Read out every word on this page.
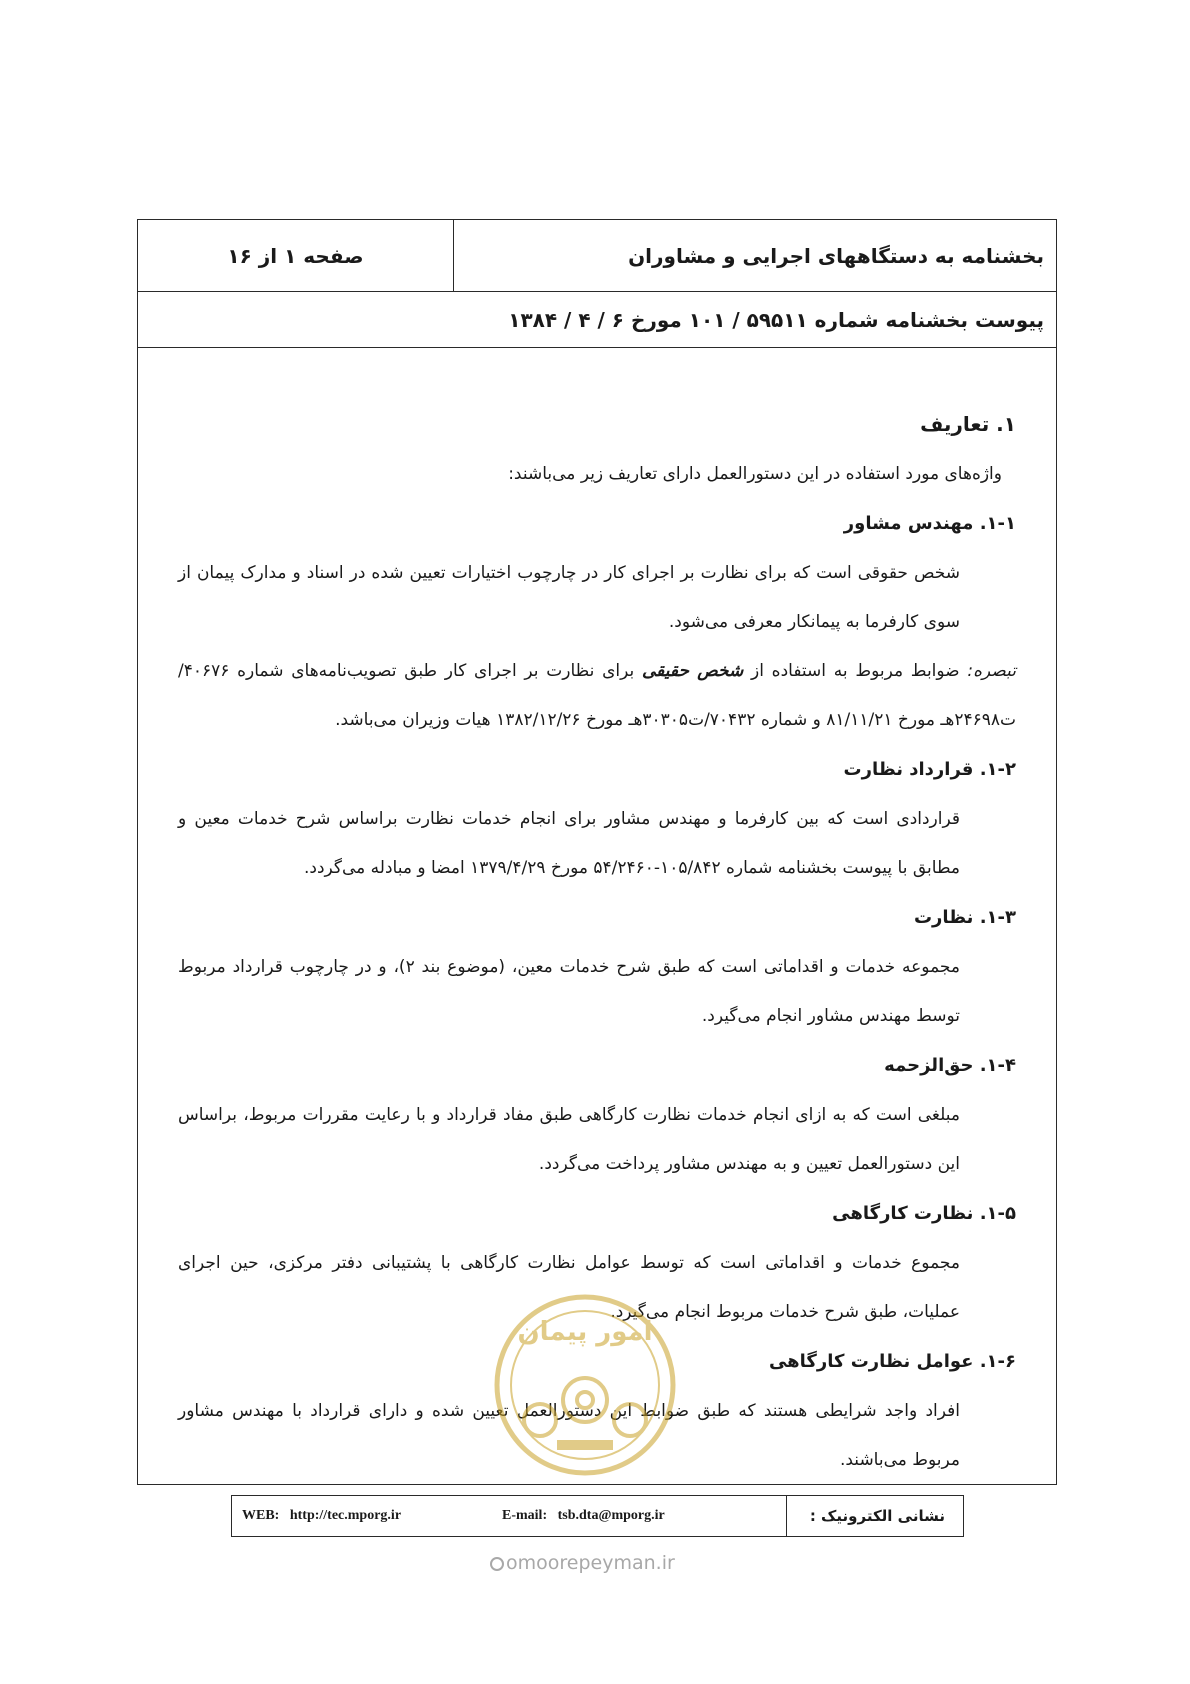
بخشنامه به دستگاههای اجرایی و مشاوران
صفحه ۱ از ۱۶
پیوست بخشنامه شماره ۵۹۵۱۱ / ۱۰۱ مورخ ۶ / ۴ / ۱۳۸۴
۱. تعاریف

واژه‌های مورد استفاده در این دستورالعمل دارای تعاریف زیر می‌باشند:

۱-۱. مهندس مشاور

شخص حقوقی است که برای نظارت بر اجرای کار در چارچوب اختیارات تعیین شده در اسناد و مدارک پیمان از سوی کارفرما به پیمانکار معرفی می‌شود.

تبصره: ضوابط مربوط به استفاده از شخص حقیقی برای نظارت بر اجرای کار طبق تصویب‌نامه‌های شماره ۴۰۶۷۶/ت۲۴۶۹۸هـ مورخ ۸۱/۱۱/۲۱ و شماره ۷۰۴۳۲/ت۳۰۳۰۵هـ مورخ ۱۳۸۲/۱۲/۲۶ هیات وزیران می‌باشد.

۱-۲. قرارداد نظارت

قراردادی است که بین کارفرما و مهندس مشاور برای انجام خدمات نظارت براساس شرح خدمات معین و مطابق با پیوست بخشنامه شماره ۱۰۵/۸۴۲-۵۴/۲۴۶۰ مورخ ۱۳۷۹/۴/۲۹ امضا و مبادله می‌گردد.

۱-۳. نظارت

مجموعه خدمات و اقداماتی است که طبق شرح خدمات معین، (موضوع بند ۲)، و در چارچوب قرارداد مربوط توسط مهندس مشاور انجام می‌گیرد.

۱-۴. حق‌الزحمه

مبلغی است که به ازای انجام خدمات نظارت کارگاهی طبق مفاد قرارداد و با رعایت مقررات مربوط، براساس این دستورالعمل تعیین و به مهندس مشاور پرداخت می‌گردد.

۱-۵. نظارت کارگاهی

مجموع خدمات و اقداماتی است که توسط عوامل نظارت کارگاهی با پشتیبانی دفتر مرکزی، حین اجرای عملیات، طبق شرح خدمات مربوط انجام می‌گیرد.

۱-۶. عوامل نظارت کارگاهی

افراد واجد شرایطی هستند که طبق ضوابط این دستورالعمل تعیین شده و دارای قرارداد با مهندس مشاور مربوط می‌باشند.

امور پیمان
نشانی الکترونیک :
E-mail:   tsb.dta@mporg.ir
WEB:   http://tec.mporg.ir
omoorepeyman.ir
